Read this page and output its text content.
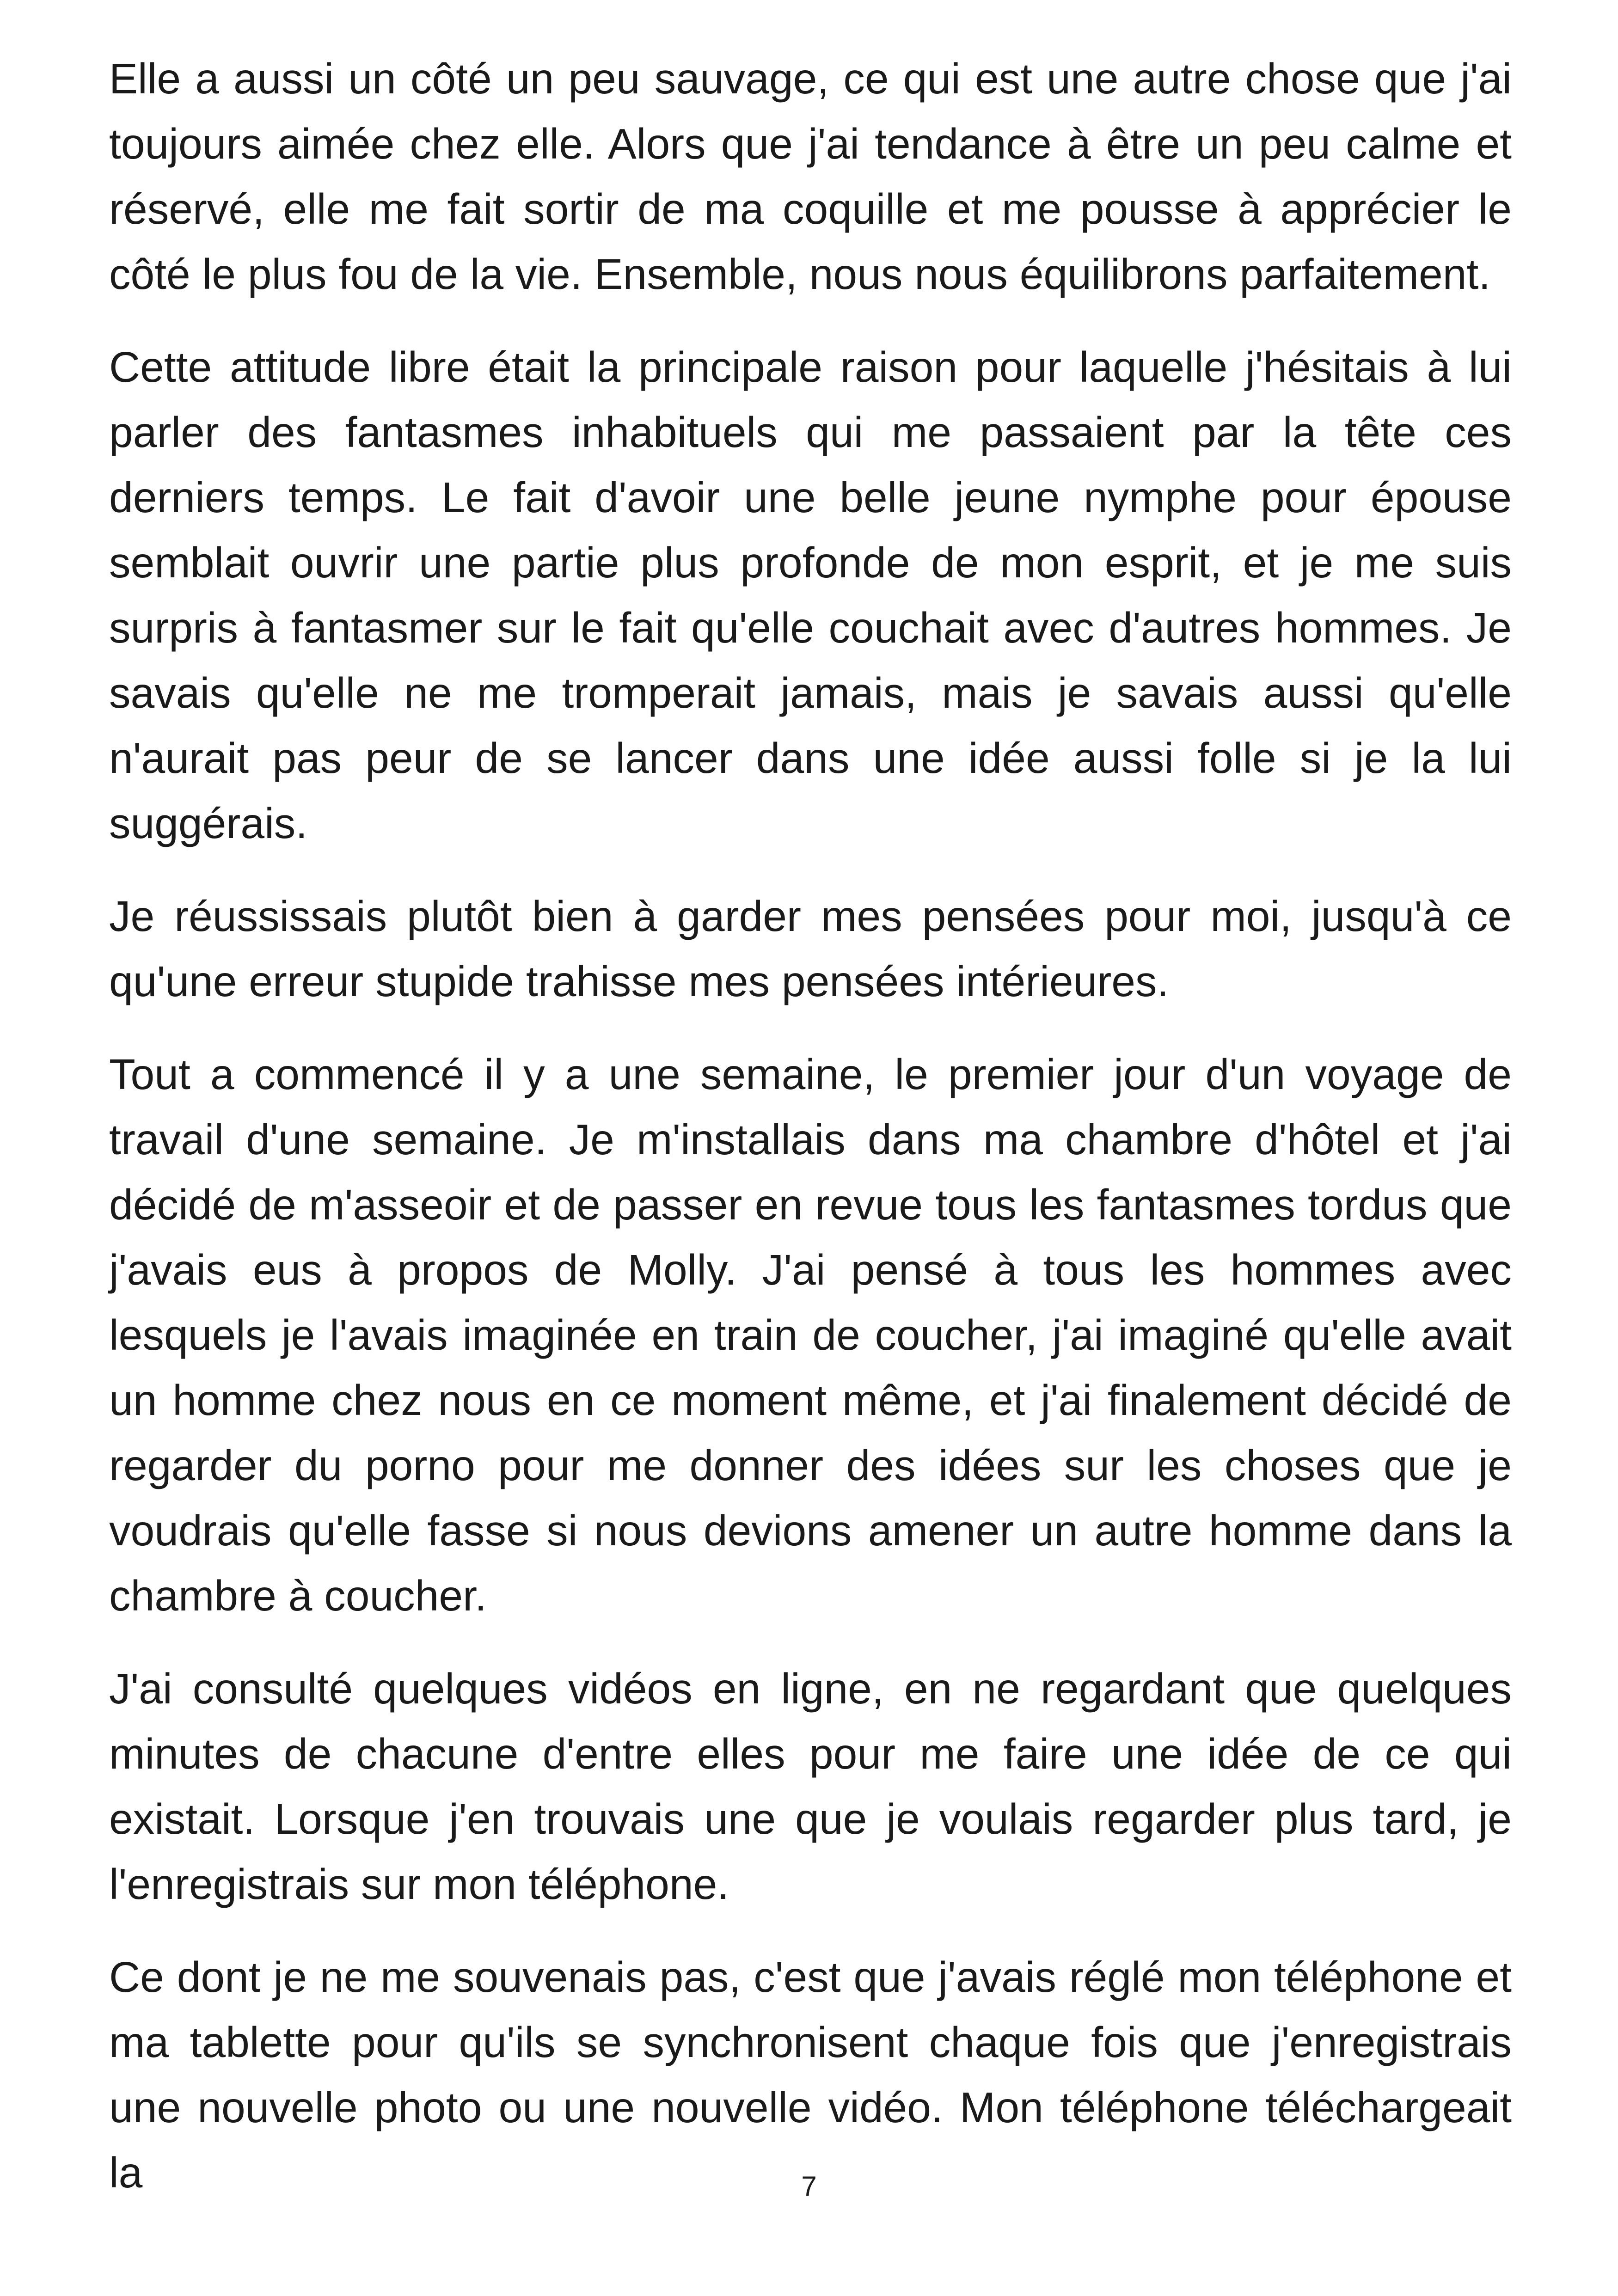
Elle a aussi un côté un peu sauvage, ce qui est une autre chose que j'ai toujours aimée chez elle. Alors que j'ai tendance à être un peu calme et réservé, elle me fait sortir de ma coquille et me pousse à apprécier le côté le plus fou de la vie. Ensemble, nous nous équilibrons parfaitement.

Cette attitude libre était la principale raison pour laquelle j'hésitais à lui parler des fantasmes inhabituels qui me passaient par la tête ces derniers temps. Le fait d'avoir une belle jeune nymphe pour épouse semblait ouvrir une partie plus profonde de mon esprit, et je me suis surpris à fantasmer sur le fait qu'elle couchait avec d'autres hommes. Je savais qu'elle ne me tromperait jamais, mais je savais aussi qu'elle n'aurait pas peur de se lancer dans une idée aussi folle si je la lui suggérais.

Je réussissais plutôt bien à garder mes pensées pour moi, jusqu'à ce qu'une erreur stupide trahisse mes pensées intérieures.

Tout a commencé il y a une semaine, le premier jour d'un voyage de travail d'une semaine. Je m'installais dans ma chambre d'hôtel et j'ai décidé de m'asseoir et de passer en revue tous les fantasmes tordus que j'avais eus à propos de Molly. J'ai pensé à tous les hommes avec lesquels je l'avais imaginée en train de coucher, j'ai imaginé qu'elle avait un homme chez nous en ce moment même, et j'ai finalement décidé de regarder du porno pour me donner des idées sur les choses que je voudrais qu'elle fasse si nous devions amener un autre homme dans la chambre à coucher.

J'ai consulté quelques vidéos en ligne, en ne regardant que quelques minutes de chacune d'entre elles pour me faire une idée de ce qui existait. Lorsque j'en trouvais une que je voulais regarder plus tard, je l'enregistrais sur mon téléphone.

Ce dont je ne me souvenais pas, c'est que j'avais réglé mon téléphone et ma tablette pour qu'ils se synchronisent chaque fois que j'enregistrais une nouvelle photo ou une nouvelle vidéo. Mon téléphone téléchargeait la	7
